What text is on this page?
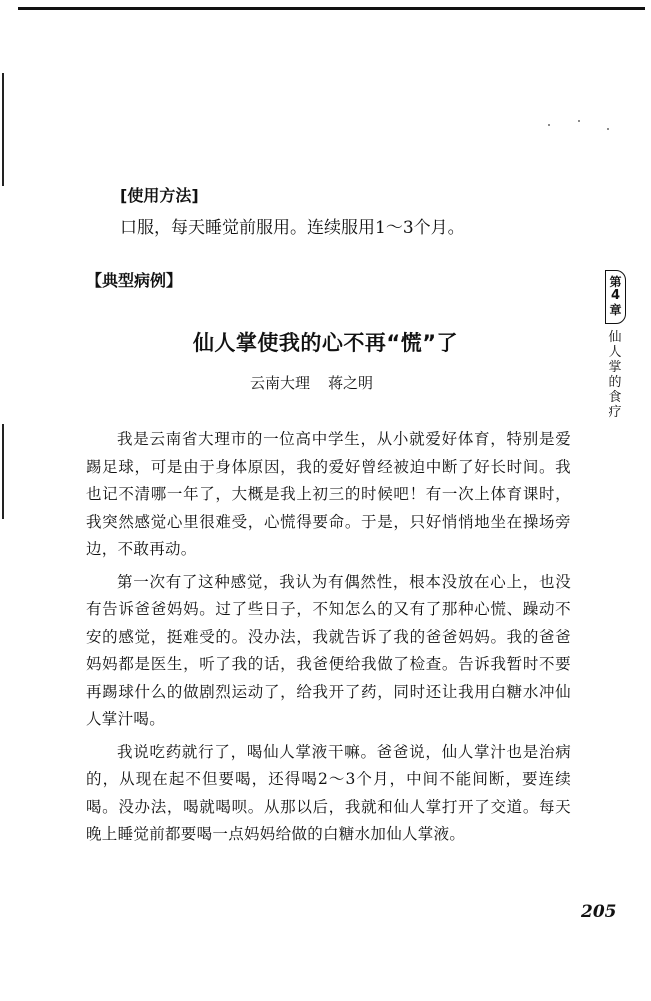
[使用方法]
口服，每天睡觉前服用。连续服用1～3个月。
【典型病例】
仙人掌使我的心不再“慌”了
云南大理 蒋之明

我是云南省大理市的一位高中学生，从小就爱好体育，特别是爱踢足球，可是由于身体原因，我的爱好曾经被迫中断了好长时间。我也记不清哪一年了，大概是我上初三的时候吧！有一次上体育课时，我突然感觉心里很难受，心慌得要命。于是，只好悄悄地坐在操场旁边，不敢再动。

第一次有了这种感觉，我认为有偶然性，根本没放在心上，也没有告诉爸爸妈妈。过了些日子，不知怎么的又有了那种心慌、躁动不安的感觉，挺难受的。没办法，我就告诉了我的爸爸妈妈。我的爸爸妈妈都是医生，听了我的话，我爸便给我做了检查。告诉我暂时不要再踢球什么的做剧烈运动了，给我开了药，同时还让我用白糖水冲仙人掌汁喝。

我说吃药就行了，喝仙人掌液干嘛。爸爸说，仙人掌汁也是治病的，从现在起不但要喝，还得喝2～3个月，中间不能间断，要连续喝。没办法，喝就喝呗。从那以后，我就和仙人掌打开了交道。每天晚上睡觉前都要喝一点妈妈给做的白糖水加仙人掌液。

第
4
章
仙
人
掌
的
食
疗
205
